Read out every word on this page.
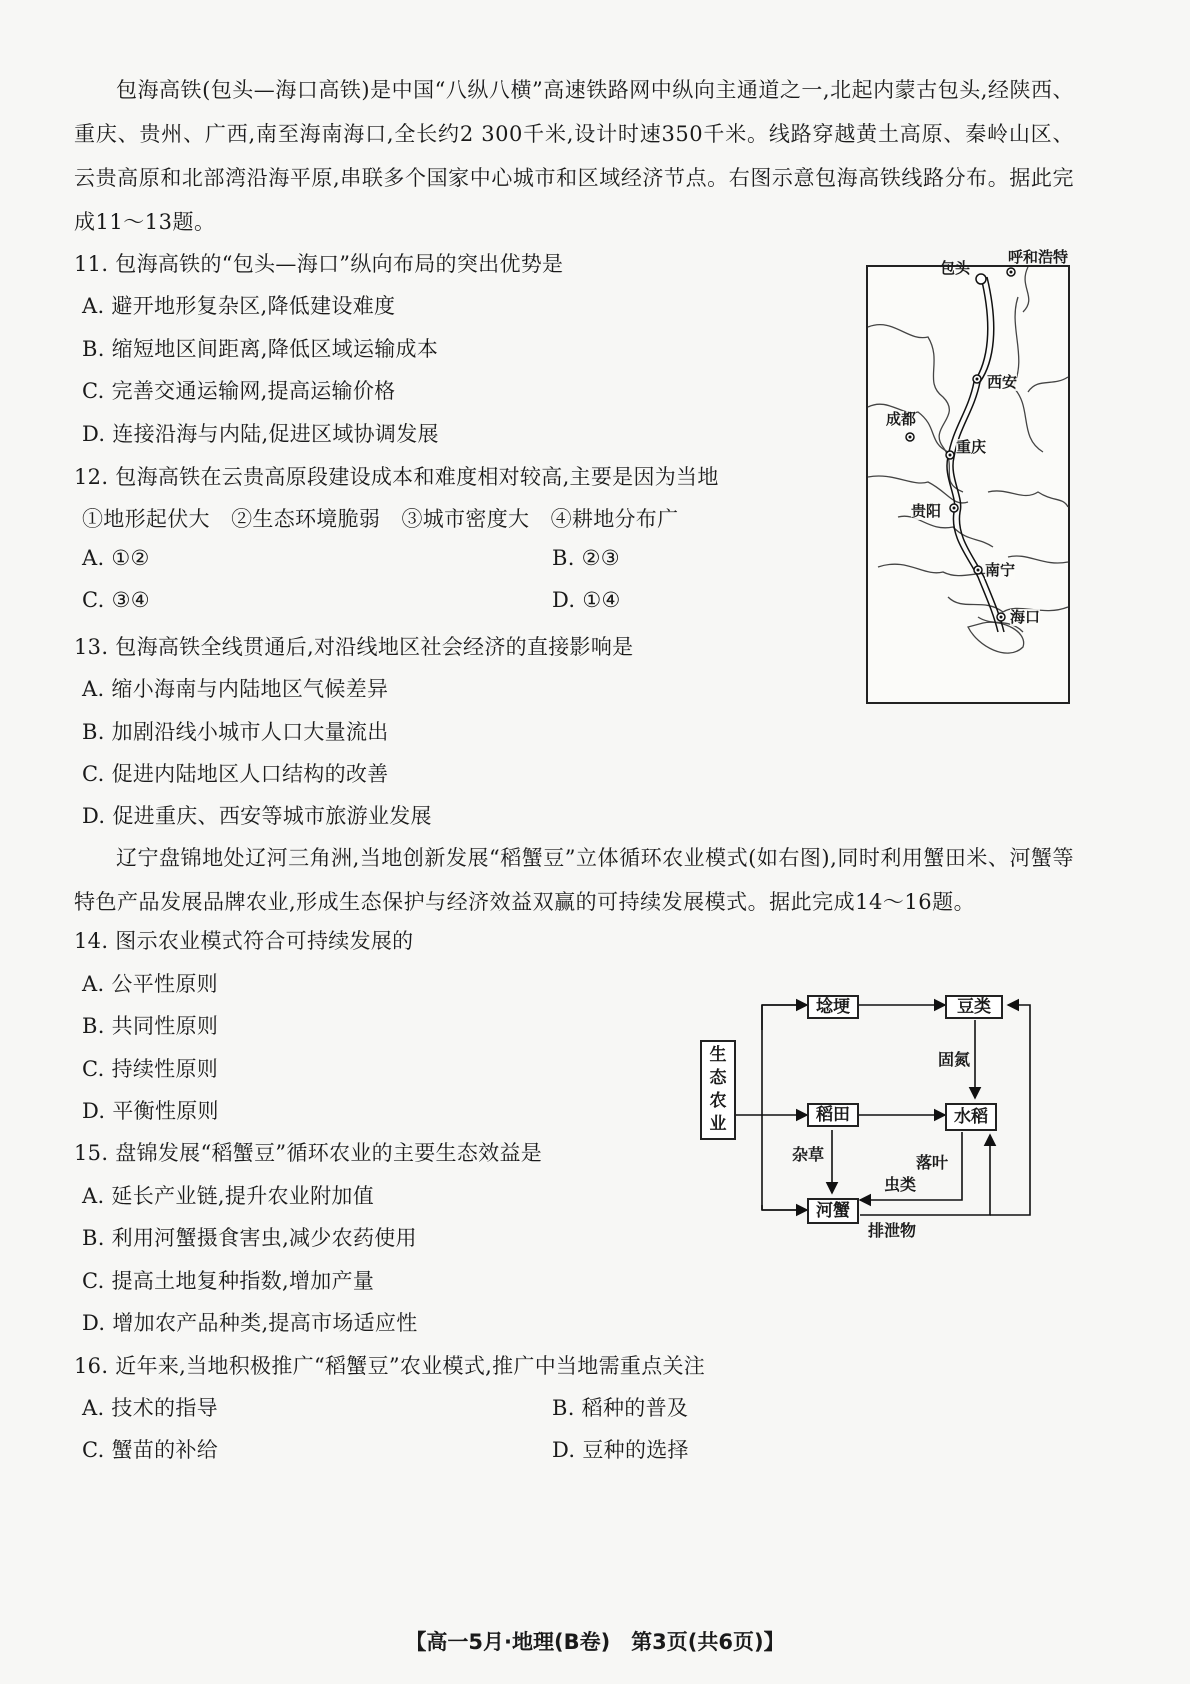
包海高铁(包头—海口高铁)是中国“八纵八横”高速铁路网中纵向主通道之一,北起内蒙古包头,经陕西、重庆、贵州、广西,南至海南海口,全长约2 300千米,设计时速350千米。线路穿越黄土高原、秦岭山区、云贵高原和北部湾沿海平原,串联多个国家中心城市和区域经济节点。右图示意包海高铁线路分布。据此完成11～13题。

11. 包海高铁的“包头—海口”纵向布局的突出优势是
A. 避开地形复杂区,降低建设难度
B. 缩短地区间距离,降低区域运输成本
C. 完善交通运输网,提高运输价格
D. 连接沿海与内陆,促进区域协调发展
12. 包海高铁在云贵高原段建设成本和难度相对较高,主要是因为当地
①地形起伏大　②生态环境脆弱　③城市密度大　④耕地分布广
A. ①②	B. ②③
C. ③④	D. ①④
13. 包海高铁全线贯通后,对沿线地区社会经济的直接影响是
A. 缩小海南与内陆地区气候差异
B. 加剧沿线小城市人口大量流出
C. 促进内陆地区人口结构的改善
D. 促进重庆、西安等城市旅游业发展

辽宁盘锦地处辽河三角洲,当地创新发展“稻蟹豆”立体循环农业模式(如右图),同时利用蟹田米、河蟹等特色产品发展品牌农业,形成生态保护与经济效益双赢的可持续发展模式。据此完成14～16题。

14. 图示农业模式符合可持续发展的
A. 公平性原则
B. 共同性原则
C. 持续性原则
D. 平衡性原则
15. 盘锦发展“稻蟹豆”循环农业的主要生态效益是
A. 延长产业链,提升农业附加值
B. 利用河蟹摄食害虫,减少农药使用
C. 提高土地复种指数,增加产量
D. 增加农产品种类,提高市场适应性
16. 近年来,当地积极推广“稻蟹豆”农业模式,推广中当地需重点关注
A. 技术的指导	B. 稻种的普及
C. 蟹苗的补给	D. 豆种的选择
包头
呼和浩特
西安
成都
重庆
贵阳
南宁
海口
生
态
农
业
埝埂	豆类
稻田	水稻
河蟹
固氮
杂草	落叶
虫类
排泄物
【高一5月·地理(B卷)　第3页(共6页)】
